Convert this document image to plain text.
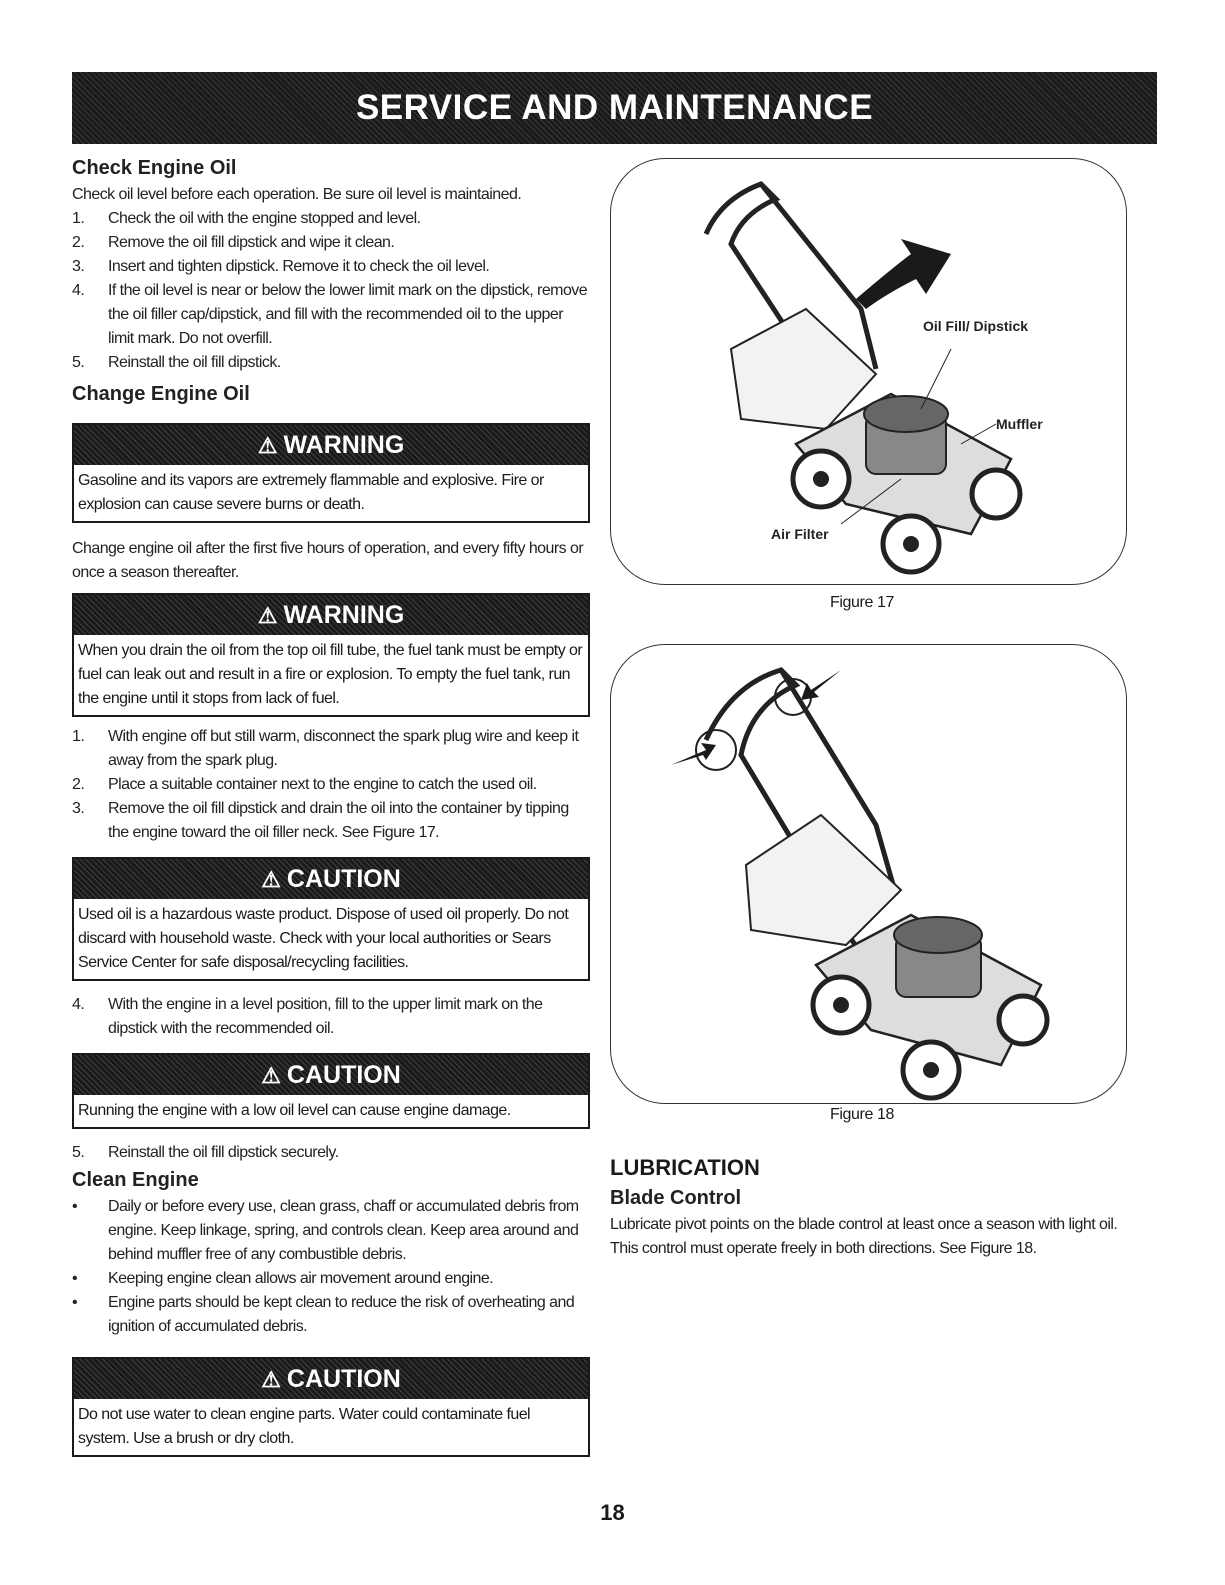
SERVICE AND MAINTENANCE
Check Engine Oil

Check oil level before each operation. Be sure oil level is maintained.

1. Check the oil with the engine stopped and level.
2. Remove the oil fill dipstick and wipe it clean.
3. Insert and tighten dipstick. Remove it to check the oil level.
4. If the oil level is near or below the lower limit mark on the dipstick, remove the oil filler cap/dipstick, and fill with the recommended oil to the upper limit mark. Do not overfill.
5. Reinstall the oil fill dipstick.
Change Engine Oil
⚠ WARNING
Gasoline and its vapors are extremely flammable and explosive. Fire or explosion can cause severe burns or death.

Change engine oil after the first five hours of operation, and every fifty hours or once a season thereafter.

⚠ WARNING
When you drain the oil from the top oil fill tube, the fuel tank must be empty or fuel can leak out and result in a fire or explosion. To empty the fuel tank, run the engine until it stops from lack of fuel.
1. With engine off but still warm, disconnect the spark plug wire and keep it away from the spark plug.
2. Place a suitable container next to the engine to catch the used oil.
3. Remove the oil fill dipstick and drain the oil into the container by tipping the engine toward the oil filler neck. See Figure 17.
⚠ CAUTION
Used oil is a hazardous waste product. Dispose of used oil properly. Do not discard with household waste. Check with your local authorities or Sears Service Center for safe disposal/recycling facilities.
4. With the engine in a level position, fill to the upper limit mark on the dipstick with the recommended oil.
⚠ CAUTION
Running the engine with a low oil level can cause engine damage.
5. Reinstall the oil fill dipstick securely.
Clean Engine
• Daily or before every use, clean grass, chaff or accumulated debris from engine. Keep linkage, spring, and controls clean. Keep area around and behind muffler free of any combustible debris.
• Keeping engine clean allows air movement around engine.
• Engine parts should be kept clean to reduce the risk of overheating and ignition of accumulated debris.
⚠ CAUTION
Do not use water to clean engine parts. Water could contaminate fuel system. Use a brush or dry cloth.
Oil Fill/ Dipstick
Muffler
Air Filter
Figure 17
Figure 18
LUBRICATION
Blade Control

Lubricate pivot points on the blade control at least once a season with light oil. This control must operate freely in both directions. See Figure 18.

18
